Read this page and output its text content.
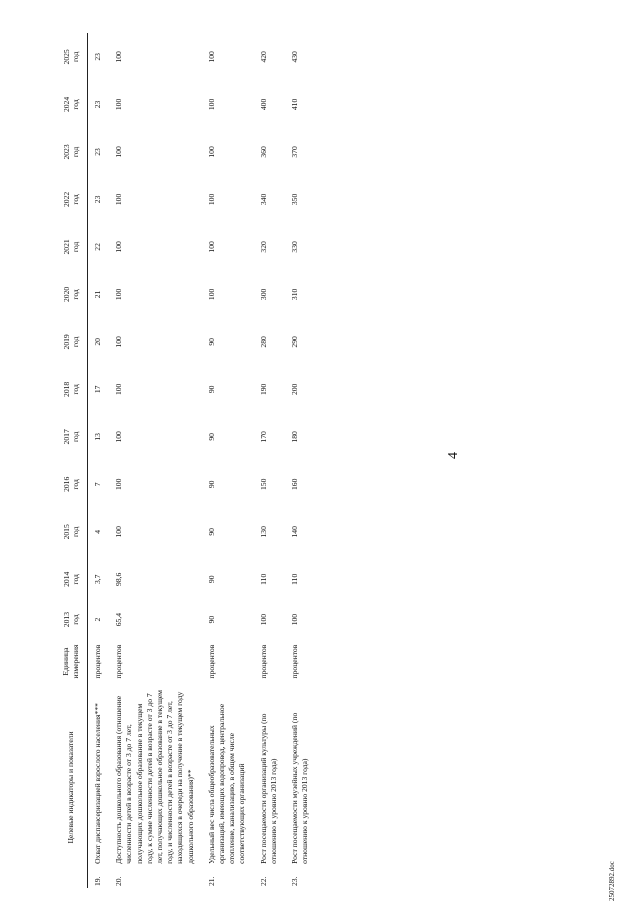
4
Целевые индикаторы и показатели		Единица измерения	2013 год	2014 год	2015 год	2016 год	2017 год	2018 год	2019 год	2020 год	2021 год	2022 год	2023 год	2024 год	2025 год

19.	Охват диспансеризацией взрослого населения***	процентов	2	3,7	4	7	13	17	20	21	22	23	23	23	23
20.	Доступность дошкольного образования (отношение численности детей в возрасте от 3 до 7 лет, получающих дошкольное образование в текущем году, к сумме численности детей в возрасте от 3 до 7 лет, получающих дошкольное образование в текущем году, и численности детей в возрасте от 3 до 7 лет, находящихся в очереди на получение в текущем году дошкольного образования)**	процентов	65,4	98,6	100	100	100	100	100	100	100	100	100	100	100
21.	Удельный вес числа общеобразовательных организаций, имеющих водопровод, центральное отопление, канализацию, в общем числе соответствующих организаций	процентов	90	90	90	90	90	90	90	100	100	100	100	100	100
22.	Рост посещаемости организаций культуры (по отношению к уровню 2013 года)	процентов	100	110	130	150	170	190	280	300	320	340	360	400	420
23.	Рост посещаемости музейных учреждений (по отношению к уровню 2013 года)	процентов	100	110	140	160	180	200	290	310	330	350	370	410	430
25072892.doc
